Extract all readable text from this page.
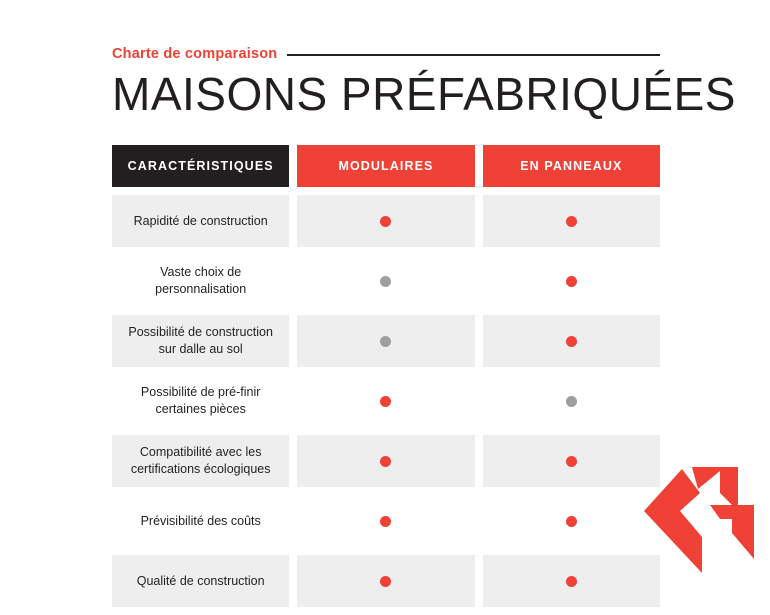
Charte de comparaison
MAISONS PRÉFABRIQUÉES
CARACTÉRISTIQUES	MODULAIRES	EN PANNEAUX
Rapidité de construction
Vaste choix de personnalisation
Possibilité de construction sur dalle au sol
Possibilité de pré-finir certaines pièces
Compatibilité avec les certifications écologiques
Prévisibilité des coûts
Qualité de construction
